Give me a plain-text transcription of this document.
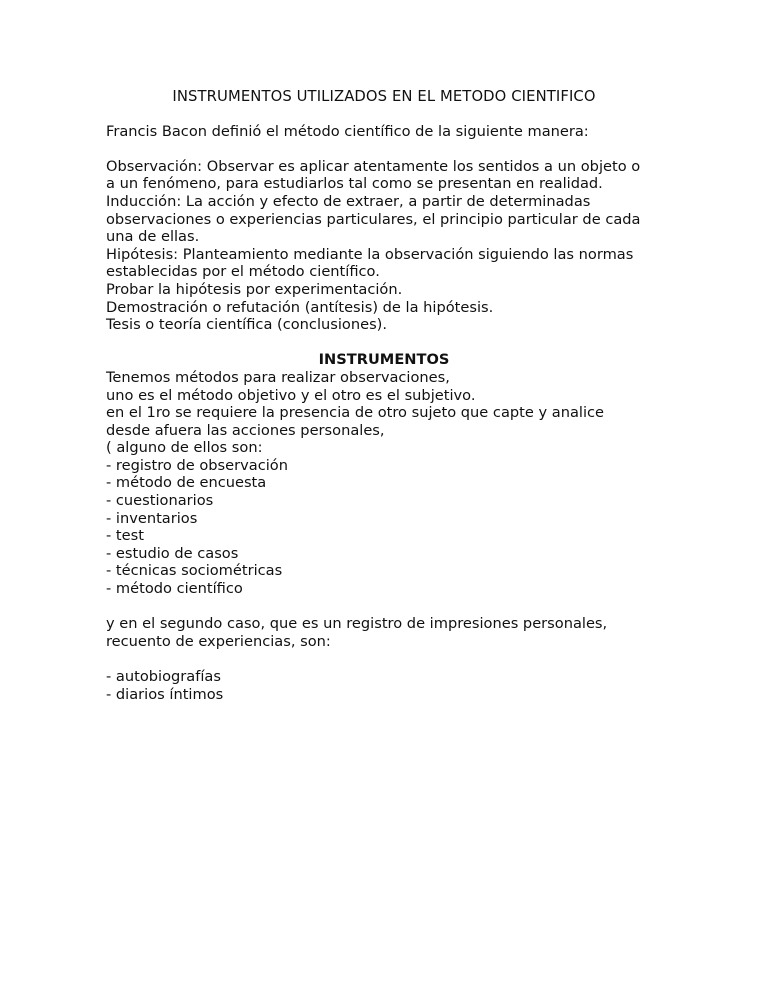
INSTRUMENTOS UTILIZADOS EN EL METODO CIENTIFICO

Francis Bacon definió el método científico de la siguiente manera:

Observación: Observar es aplicar atentamente los sentidos a un objeto o
a un fenómeno, para estudiarlos tal como se presentan en realidad.

Inducción: La acción y efecto de extraer, a partir de determinadas
observaciones o experiencias particulares, el principio particular de cada
una de ellas.

Hipótesis: Planteamiento mediante la observación siguiendo las normas
establecidas por el método científico.

Probar la hipótesis por experimentación.

Demostración o refutación (antítesis) de la hipótesis.

Tesis o teoría científica (conclusiones).

INSTRUMENTOS

Tenemos métodos para realizar observaciones,

uno es el método objetivo y el otro es el subjetivo.

en el 1ro se requiere la presencia de otro sujeto que capte y analice
desde afuera las acciones personales,

( alguno de ellos son:

- registro de observación
- método de encuesta
- cuestionarios
- inventarios
- test
- estudio de casos
- técnicas sociométricas
- método científico

y en el segundo caso, que es un registro de impresiones personales,
recuento de experiencias, son:

- autobiografías
- diarios íntimos
